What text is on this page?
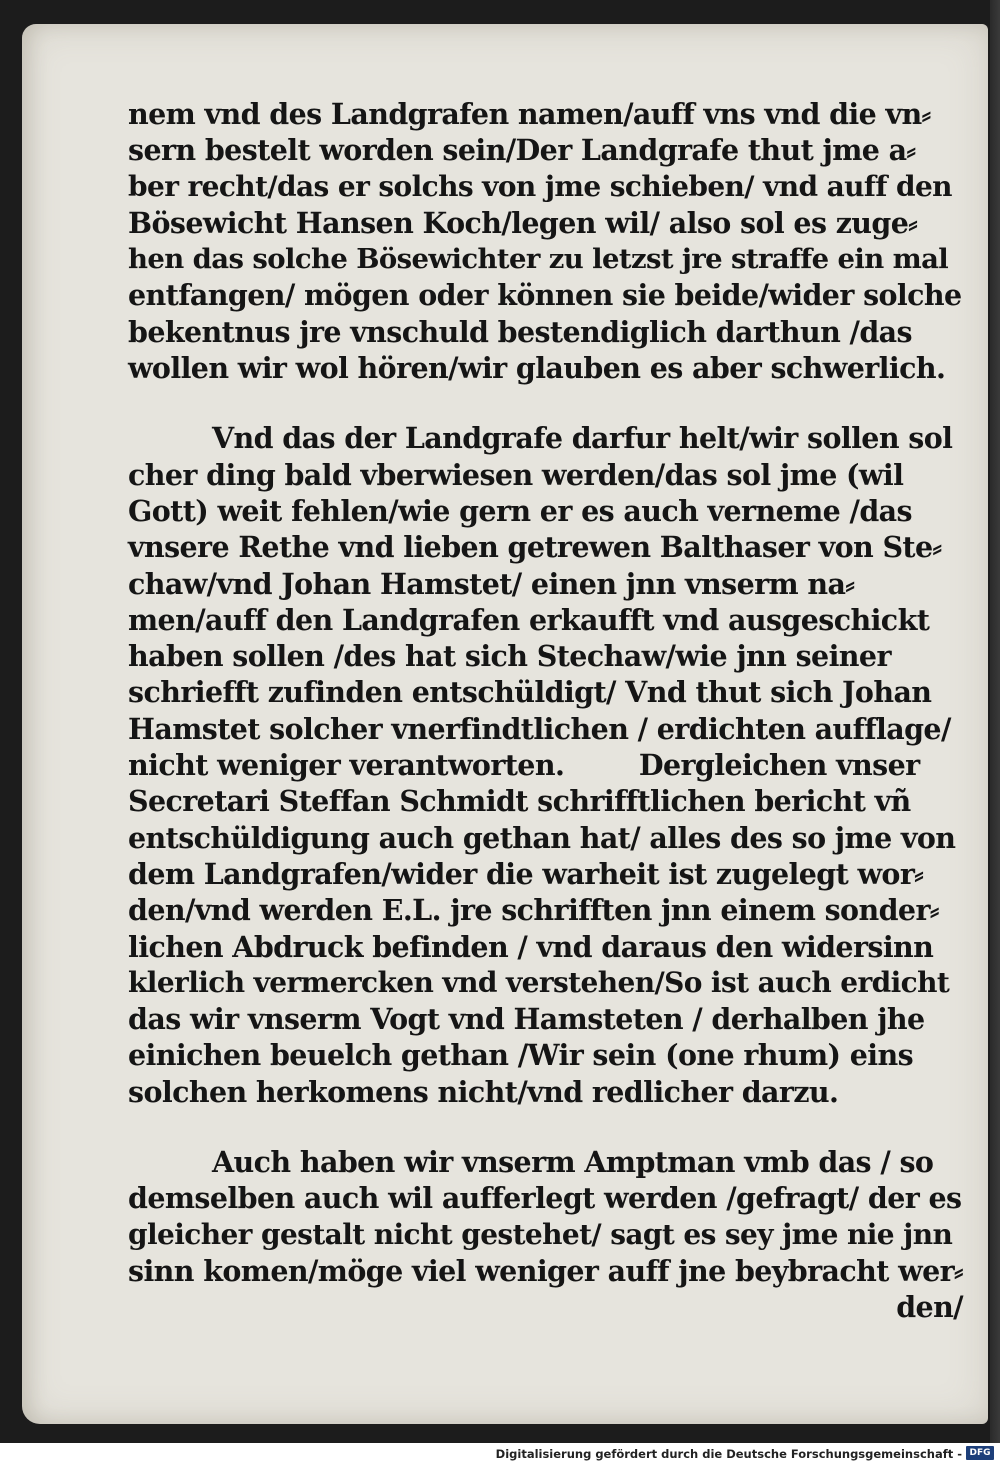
nem vnd des Landgrafen namen/auff vns vnd die vn⸗
sern bestelt worden sein/Der Landgrafe thut jme a⸗
ber recht/das er solchs von jme schieben/ vnd auff den
Bösewicht Hansen Koch/legen wil/ also sol es zuge⸗
hen das solche Bösewichter zu letzst jre straffe ein mal
entfangen/ mögen oder können sie beide/wider solche
bekentnus jre vnschuld bestendiglich darthun /das
wollen wir wol hören/wir glauben es aber schwerlich.
Vnd das der Landgrafe darfur helt/wir sollen sol
cher ding bald vberwiesen werden/das sol jme (wil
Gott) weit fehlen/wie gern er es auch verneme /das
vnsere Rethe vnd lieben getrewen Balthaser von Ste⸗
chaw/vnd Johan Hamstet/ einen jnn vnserm na⸗
men/auff den Landgrafen erkaufft vnd ausgeschickt
haben sollen /des hat sich Stechaw/wie jnn seiner
schriefft zufinden entschüldigt/ Vnd thut sich Johan
Hamstet solcher vnerfindtlichen / erdichten aufflage/
nicht weniger verantworten.        Dergleichen vnser
Secretari Steffan Schmidt schrifftlichen bericht vñ
entschüldigung auch gethan hat/ alles des so jme von
dem Landgrafen/wider die warheit ist zugelegt wor⸗
den/vnd werden E.L. jre schrifften jnn einem sonder⸗
lichen Abdruck befinden / vnd daraus den widersinn
klerlich vermercken vnd verstehen/So ist auch erdicht
das wir vnserm Vogt vnd Hamsteten / derhalben jhe
einichen beuelch gethan /Wir sein (one rhum) eins
solchen herkomens nicht/vnd redlicher darzu.
Auch haben wir vnserm Amptman vmb das / so
demselben auch wil aufferlegt werden /gefragt/ der es
gleicher gestalt nicht gestehet/ sagt es sey jme nie jnn
sinn komen/möge viel weniger auff jne beybracht wer⸗
den/
Digitalisierung gefördert durch die Deutsche Forschungsgemeinschaft - DFG
